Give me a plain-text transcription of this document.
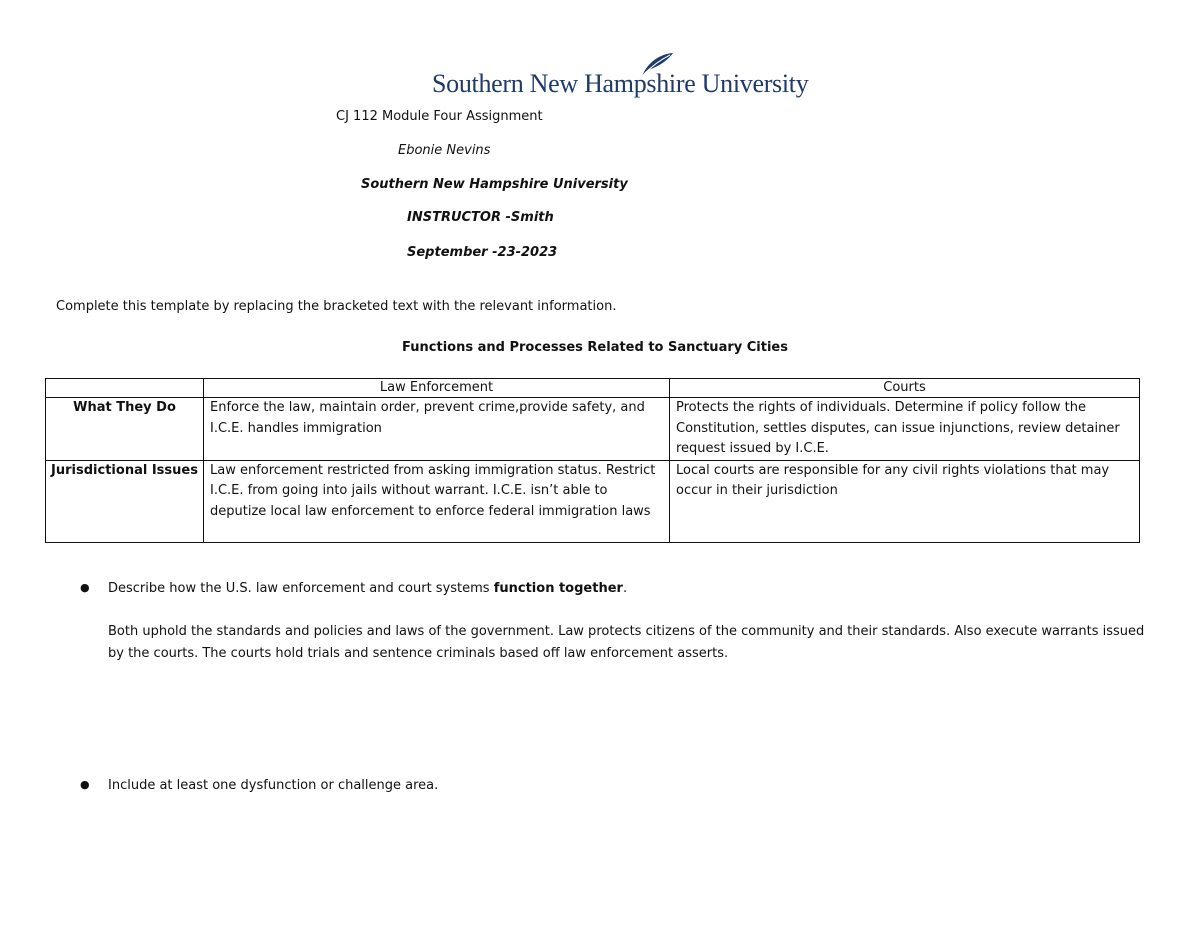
Southern New Hampshire University
CJ 112 Module Four Assignment
Ebonie Nevins
Southern New Hampshire University
INSTRUCTOR -Smith
September -23-2023
Complete this template by replacing the bracketed text with the relevant information.
Functions and Processes Related to Sanctuary Cities
	Law Enforcement	Courts
What They Do	Enforce the law, maintain order, prevent crime,provide safety, and I.C.E. handles immigration	Protects the rights of individuals. Determine if policy follow the Constitution, settles disputes, can issue injunctions, review detainer request issued by I.C.E.
Jurisdictional Issues	Law enforcement restricted from asking immigration status. Restrict I.C.E. from going into jails without warrant. I.C.E. isn’t able to deputize local law enforcement to enforce federal immigration laws	Local courts are responsible for any civil rights violations that may occur in their jurisdiction
● Describe how the U.S. law enforcement and court systems function together.
Both uphold the standards and policies and laws of the government. Law protects citizens of the community and their standards. Also execute warrants issued by the courts. The courts hold trials and sentence criminals based off law enforcement asserts.
● Include at least one dysfunction or challenge area.
